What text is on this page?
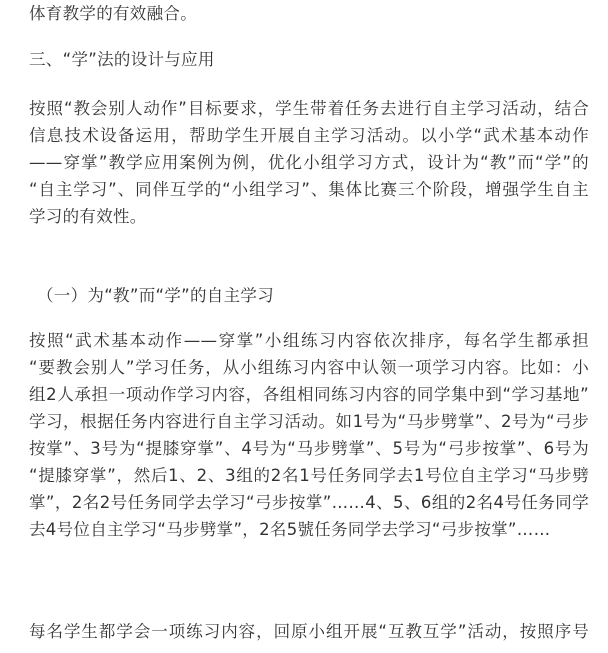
体育教学的有效融合。
三、“学”法的设计与应用
按照“教会别人动作”目标要求，学生带着任务去进行自主学习活动，结合
信息技术设备运用，帮助学生开展自主学习活动。以小学“武术基本动作
——穿掌”教学应用案例为例，优化小组学习方式，设计为“教”而“学”的
“自主学习”、同伴互学的“小组学习”、集体比赛三个阶段，增强学生自主
学习的有效性。
（一）为“教”而“学”的自主学习
按照“武术基本动作——穿掌”小组练习内容依次排序，每名学生都承担
“要教会别人”学习任务，从小组练习内容中认领一项学习内容。比如：小
组2人承担一项动作学习内容，各组相同练习内容的同学集中到“学习基地”
学习，根据任务内容进行自主学习活动。如1号为“马步劈掌”、2号为“弓步
按掌”、3号为“提膝穿掌”、4号为“马步劈掌”、5号为“弓步按掌”、6号为
“提膝穿掌”，然后1、2、3组的2名1号任务同学去1号位自主学习“马步劈
掌”，2名2号任务同学去学习“弓步按掌”……4、5、6组的2名4号任务同学
去4号位自主学习“马步劈掌”，2名5號任务同学去学习“弓步按掌”……
每名学生都学会一项练习内容，回原小组开展“互教互学”活动，按照序号
